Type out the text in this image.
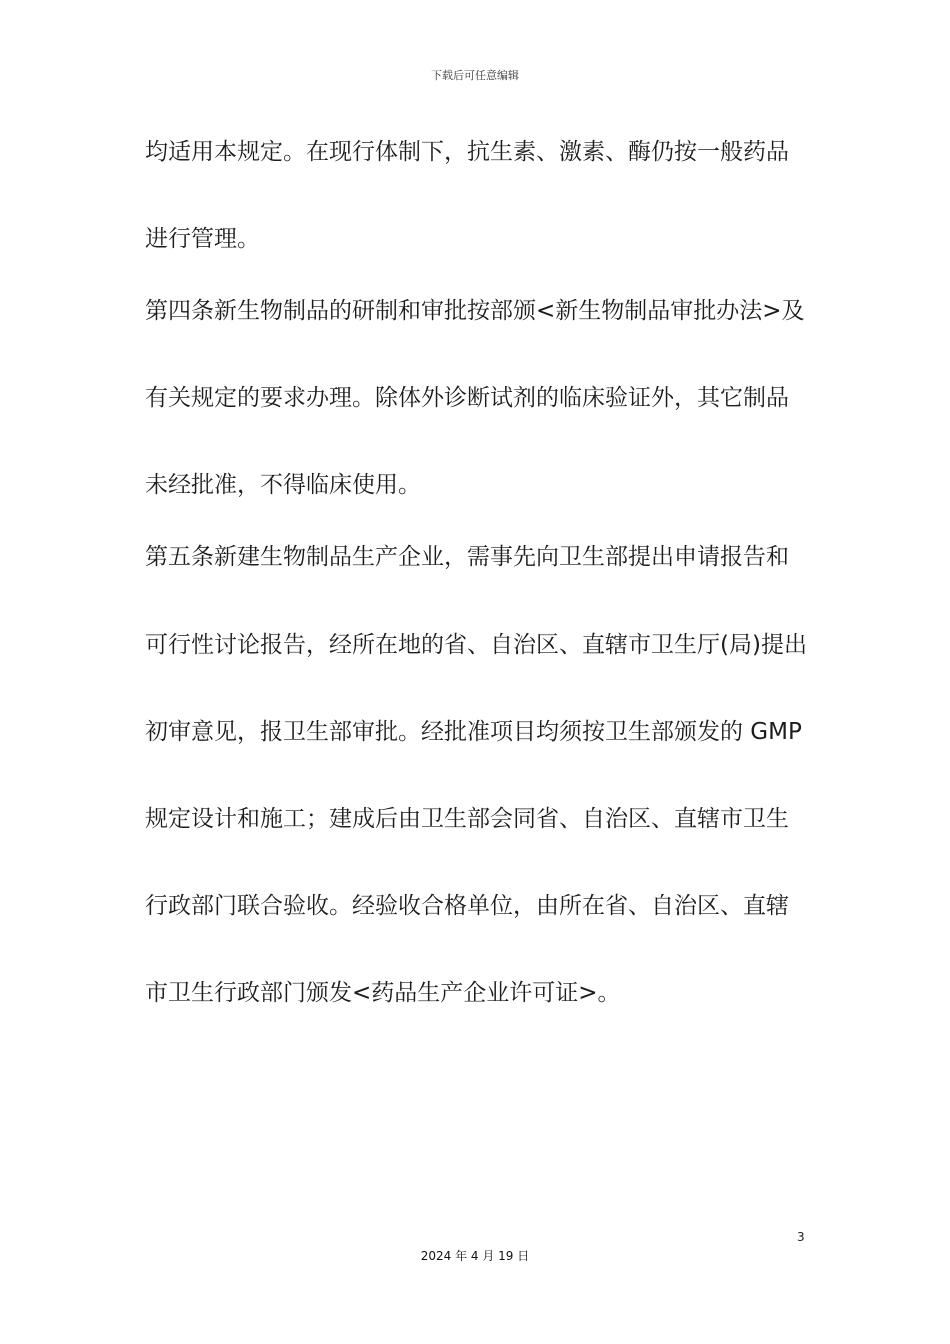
下载后可任意编辑
均适用本规定。在现行体制下，抗生素、激素、酶仍按一般药品
进行管理。
第四条新生物制品的研制和审批按部颁<新生物制品审批办法>及
有关规定的要求办理。除体外诊断试剂的临床验证外，其它制品
未经批准，不得临床使用。
第五条新建生物制品生产企业，需事先向卫生部提出申请报告和
可行性讨论报告，经所在地的省、自治区、直辖市卫生厅(局)提出
初审意见，报卫生部审批。经批准项目均须按卫生部颁发的 GMP
规定设计和施工；建成后由卫生部会同省、自治区、直辖市卫生
行政部门联合验收。经验收合格单位，由所在省、自治区、直辖
市卫生行政部门颁发<药品生产企业许可证>。
3
2024 年 4 月 19 日
